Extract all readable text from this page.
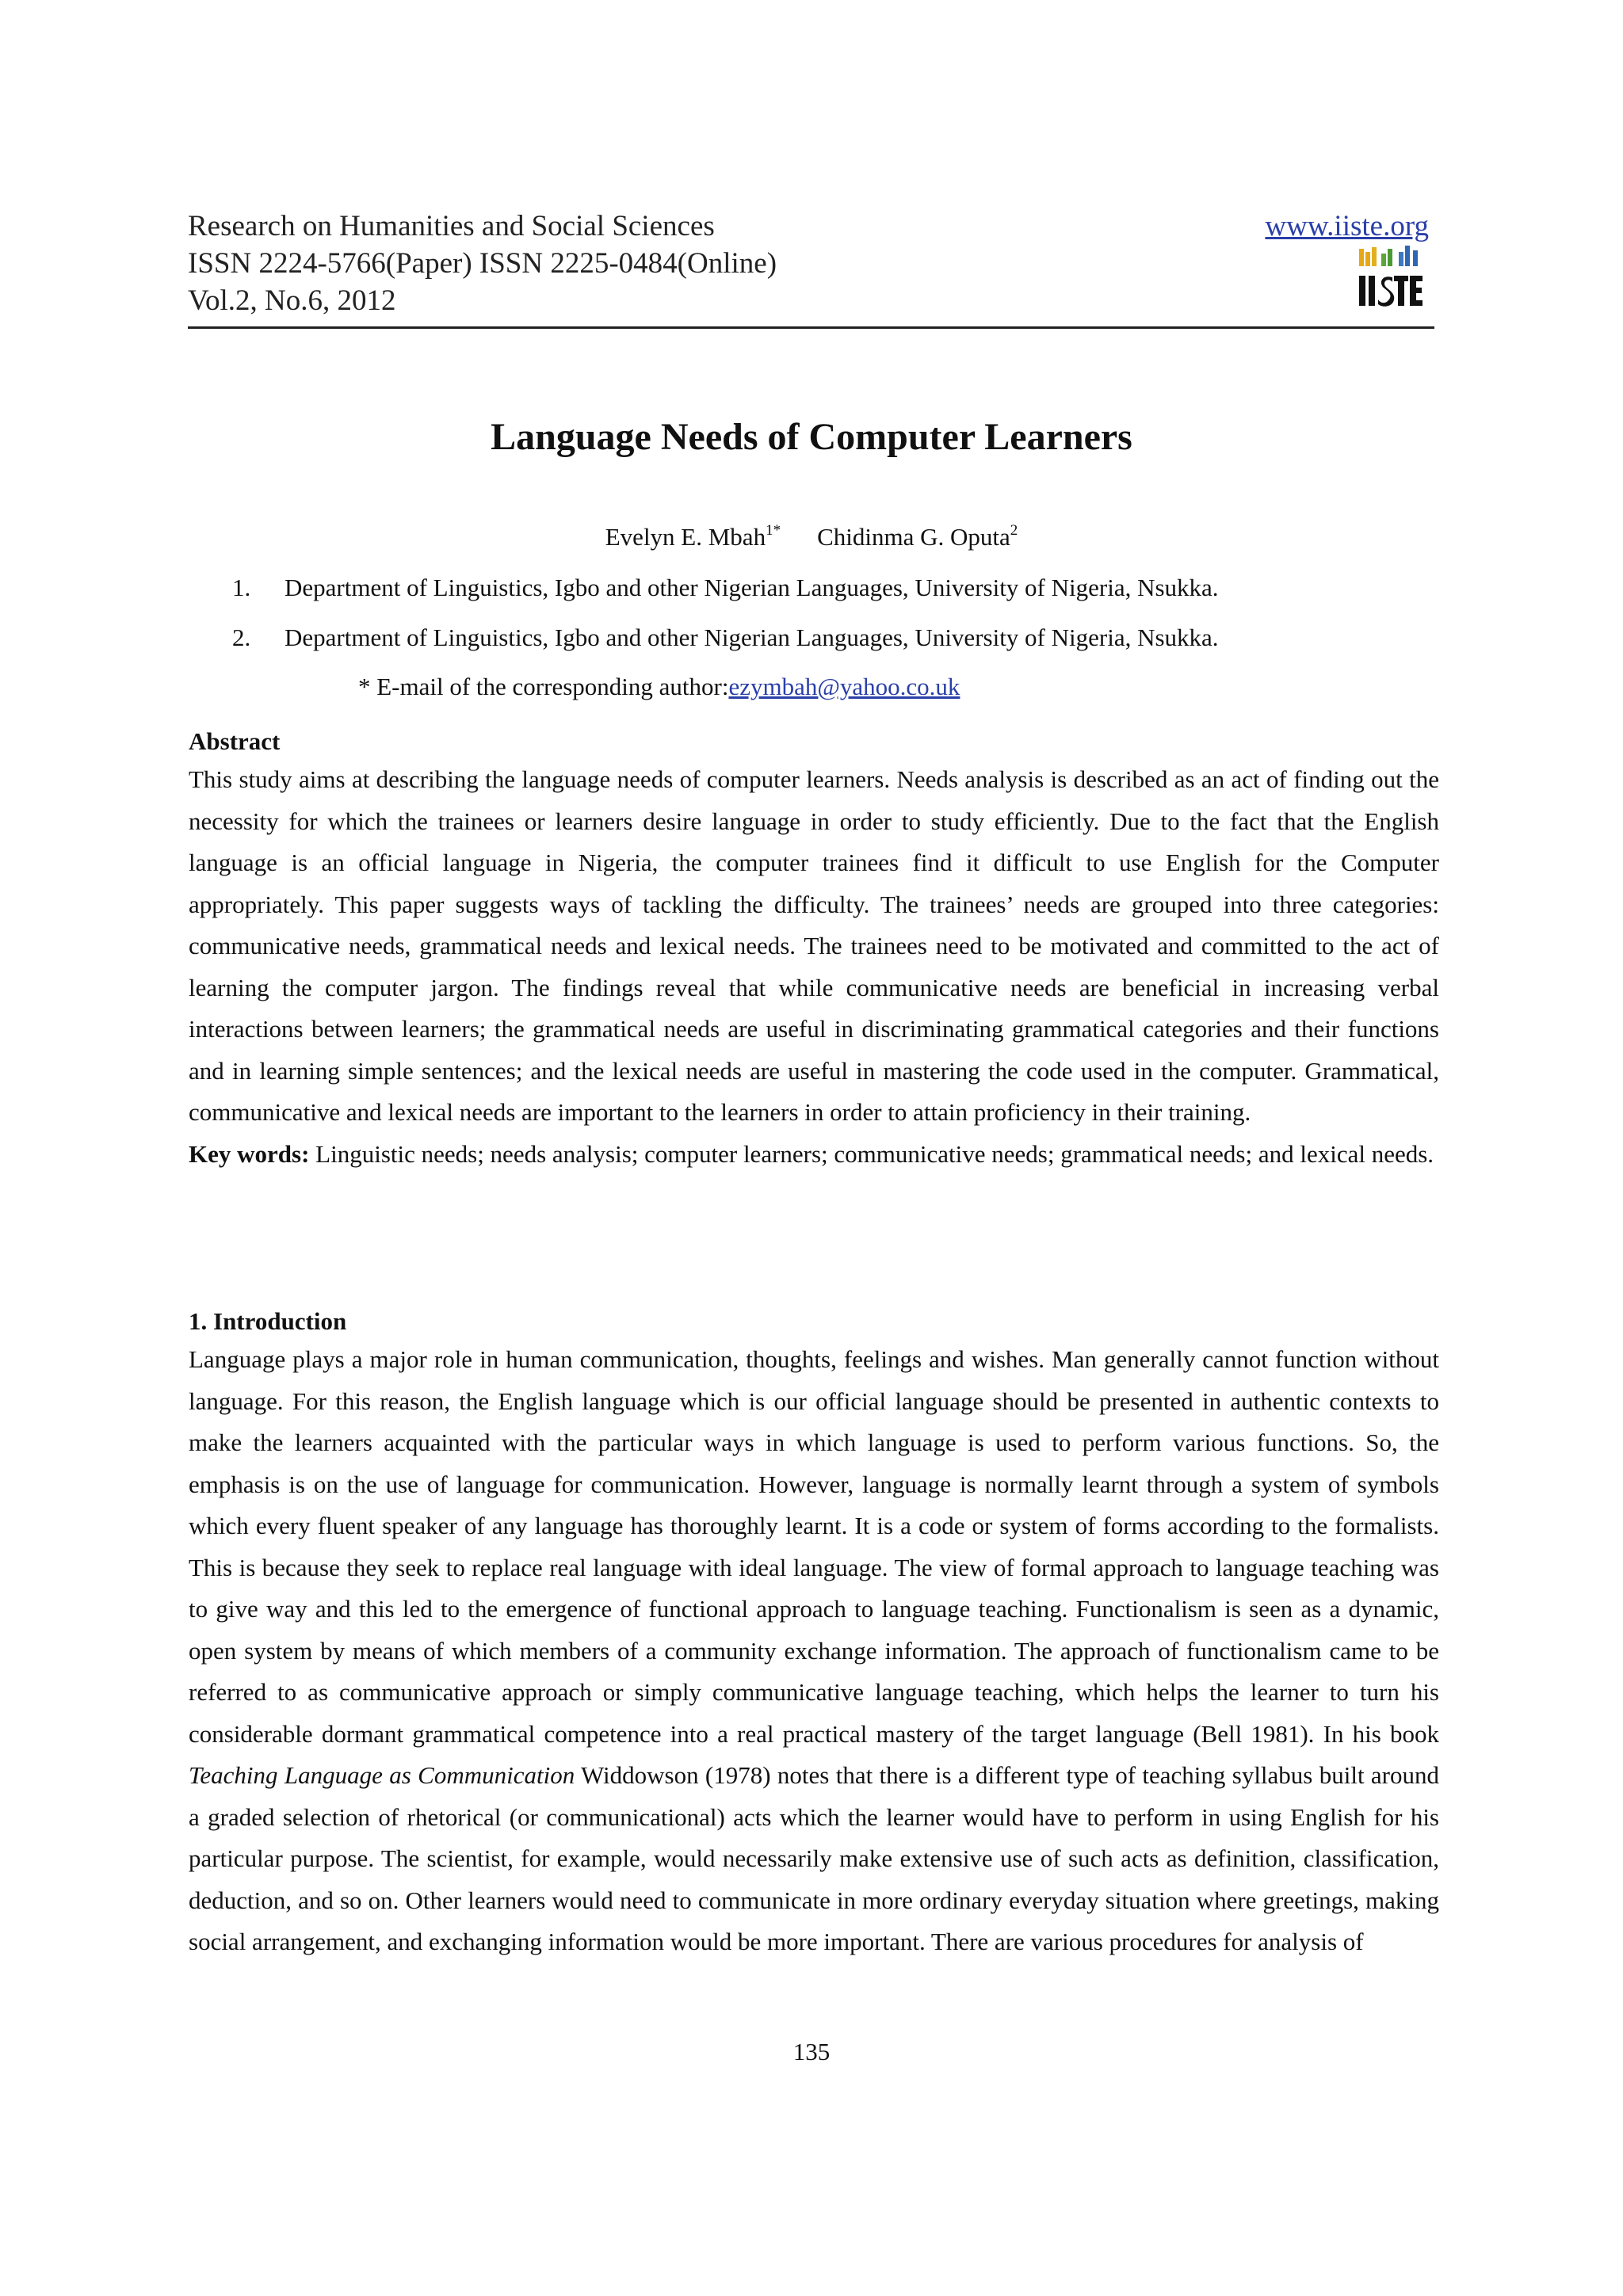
Research on Humanities and Social Sciences
ISSN 2224-5766(Paper) ISSN 2225-0484(Online)
Vol.2, No.6, 2012
www.iiste.org
Language Needs of Computer Learners
Evelyn E. Mbah$^{1*}$ Chidinma G. Oputa$^2$
1. Department of Linguistics, Igbo and other Nigerian Languages, University of Nigeria, Nsukka.
2. Department of Linguistics, Igbo and other Nigerian Languages, University of Nigeria, Nsukka.
* E-mail of the corresponding author:ezymbah@yahoo.co.uk
Abstract

This study aims at describing the language needs of computer learners. Needs analysis is described as an act of finding out the necessity for which the trainees or learners desire language in order to study efficiently. Due to the fact that the English language is an official language in Nigeria, the computer trainees find it difficult to use English for the Computer appropriately. This paper suggests ways of tackling the difficulty. The trainees’ needs are grouped into three categories: communicative needs, grammatical needs and lexical needs. The trainees need to be motivated and committed to the act of learning the computer jargon. The findings reveal that while communicative needs are beneficial in increasing verbal interactions between learners; the grammatical needs are useful in discriminating grammatical categories and their functions and in learning simple sentences; and the lexical needs are useful in mastering the code used in the computer. Grammatical, communicative and lexical needs are important to the learners in order to attain proficiency in their training.

Key words: Linguistic needs; needs analysis; computer learners; communicative needs; grammatical needs; and lexical needs.

1. Introduction

Language plays a major role in human communication, thoughts, feelings and wishes. Man generally cannot function without language. For this reason, the English language which is our official language should be presented in authentic contexts to make the learners acquainted with the particular ways in which language is used to perform various functions. So, the emphasis is on the use of language for communication. However, language is normally learnt through a system of symbols which every fluent speaker of any language has thoroughly learnt. It is a code or system of forms according to the formalists. This is because they seek to replace real language with ideal language. The view of formal approach to language teaching was to give way and this led to the emergence of functional approach to language teaching. Functionalism is seen as a dynamic, open system by means of which members of a community exchange information. The approach of functionalism came to be referred to as communicative approach or simply communicative language teaching, which helps the learner to turn his considerable dormant grammatical competence into a real practical mastery of the target language (Bell 1981). In his book Teaching Language as Communication Widdowson (1978) notes that there is a different type of teaching syllabus built around a graded selection of rhetorical (or communicational) acts which the learner would have to perform in using English for his particular purpose. The scientist, for example, would necessarily make extensive use of such acts as definition, classification, deduction, and so on. Other learners would need to communicate in more ordinary everyday situation where greetings, making social arrangement, and exchanging information would be more important. There are various procedures for analysis of

135
